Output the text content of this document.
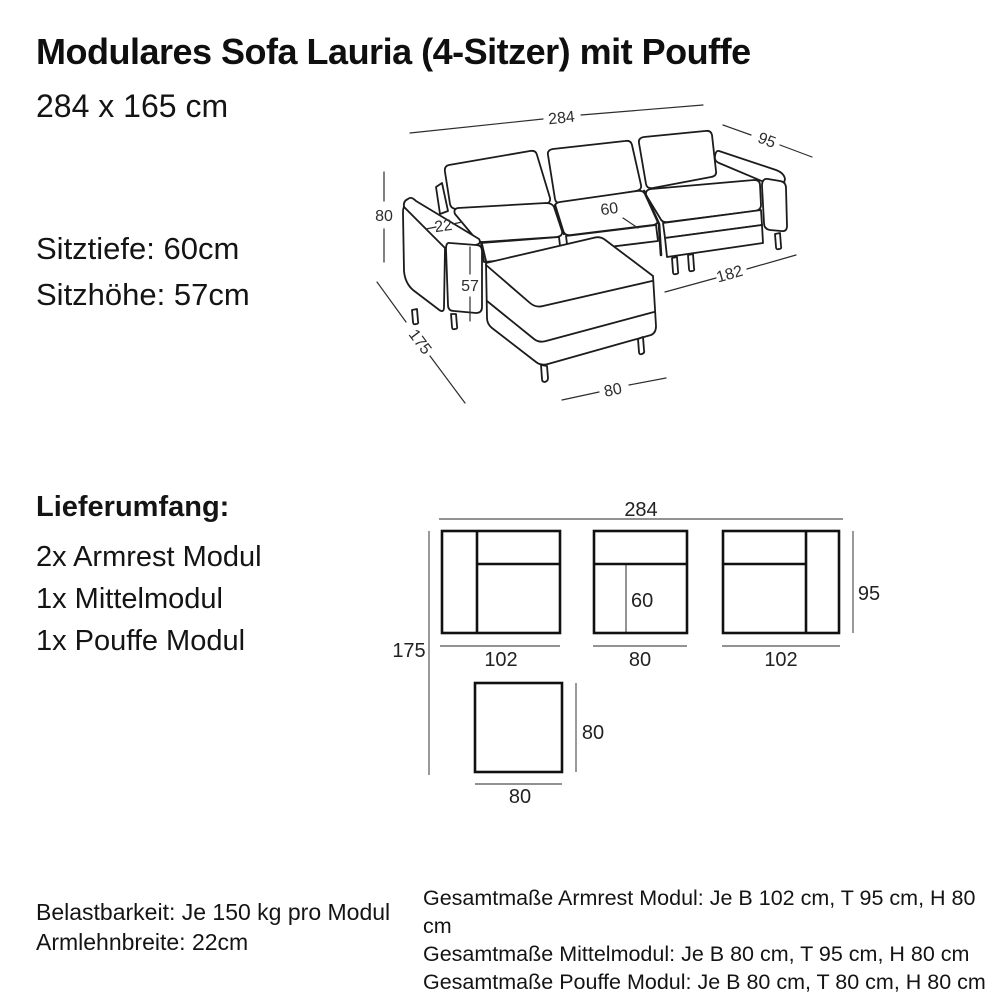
Modulares Sofa Lauria (4-Sitzer) mit Pouffe
284 x 165 cm
Sitztiefe: 60cm
Sitzhöhe: 57cm
284
95
80
22
57
60
182
175
80
Lieferumfang:
2x Armrest Modul
1x Mittelmodul
1x Pouffe Modul
284
175
95
60
102	80	102
80
80
Belastbarkeit: Je 150 kg pro Modul
Armlehnbreite: 22cm
Gesamtmaße Armrest Modul: Je B 102 cm, T 95 cm, H 80 cm
Gesamtmaße Mittelmodul: Je B 80 cm, T 95 cm, H 80 cm
Gesamtmaße Pouffe Modul: Je B 80 cm, T 80 cm, H 80 cm
